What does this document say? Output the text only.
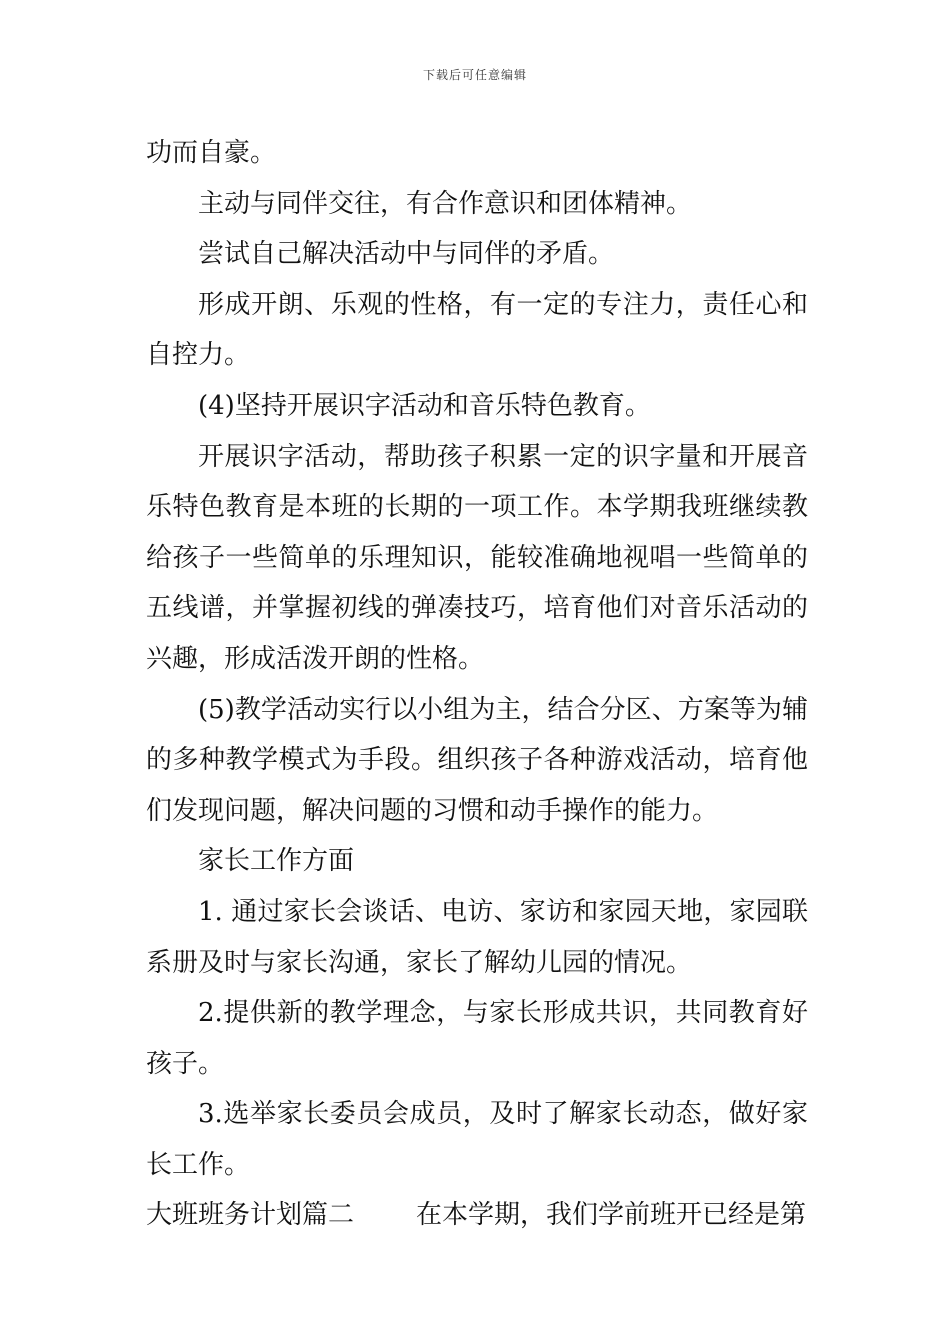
下载后可任意编辑
功而自豪。
主动与同伴交往，有合作意识和团体精神。
尝试自己解决活动中与同伴的矛盾。
形成开朗、乐观的性格，有一定的专注力，责任心和
自控力。
(4)坚持开展识字活动和音乐特色教育。
开展识字活动，帮助孩子积累一定的识字量和开展音
乐特色教育是本班的长期的一项工作。本学期我班继续教
给孩子一些简单的乐理知识，能较准确地视唱一些简单的
五线谱，并掌握初线的弹凑技巧，培育他们对音乐活动的
兴趣，形成活泼开朗的性格。
(5)教学活动实行以小组为主，结合分区、方案等为辅
的多种教学模式为手段。组织孩子各种游戏活动，培育他
们发现问题，解决问题的习惯和动手操作的能力。
家长工作方面
1. 通过家长会谈话、电访、家访和家园天地，家园联
系册及时与家长沟通，家长了解幼儿园的情况。
2.提供新的教学理念，与家长形成共识，共同教育好
孩子。
3.选举家长委员会成员，及时了解家长动态，做好家
长工作。
大班班务计划篇二 在本学期，我们学前班开已经是第
